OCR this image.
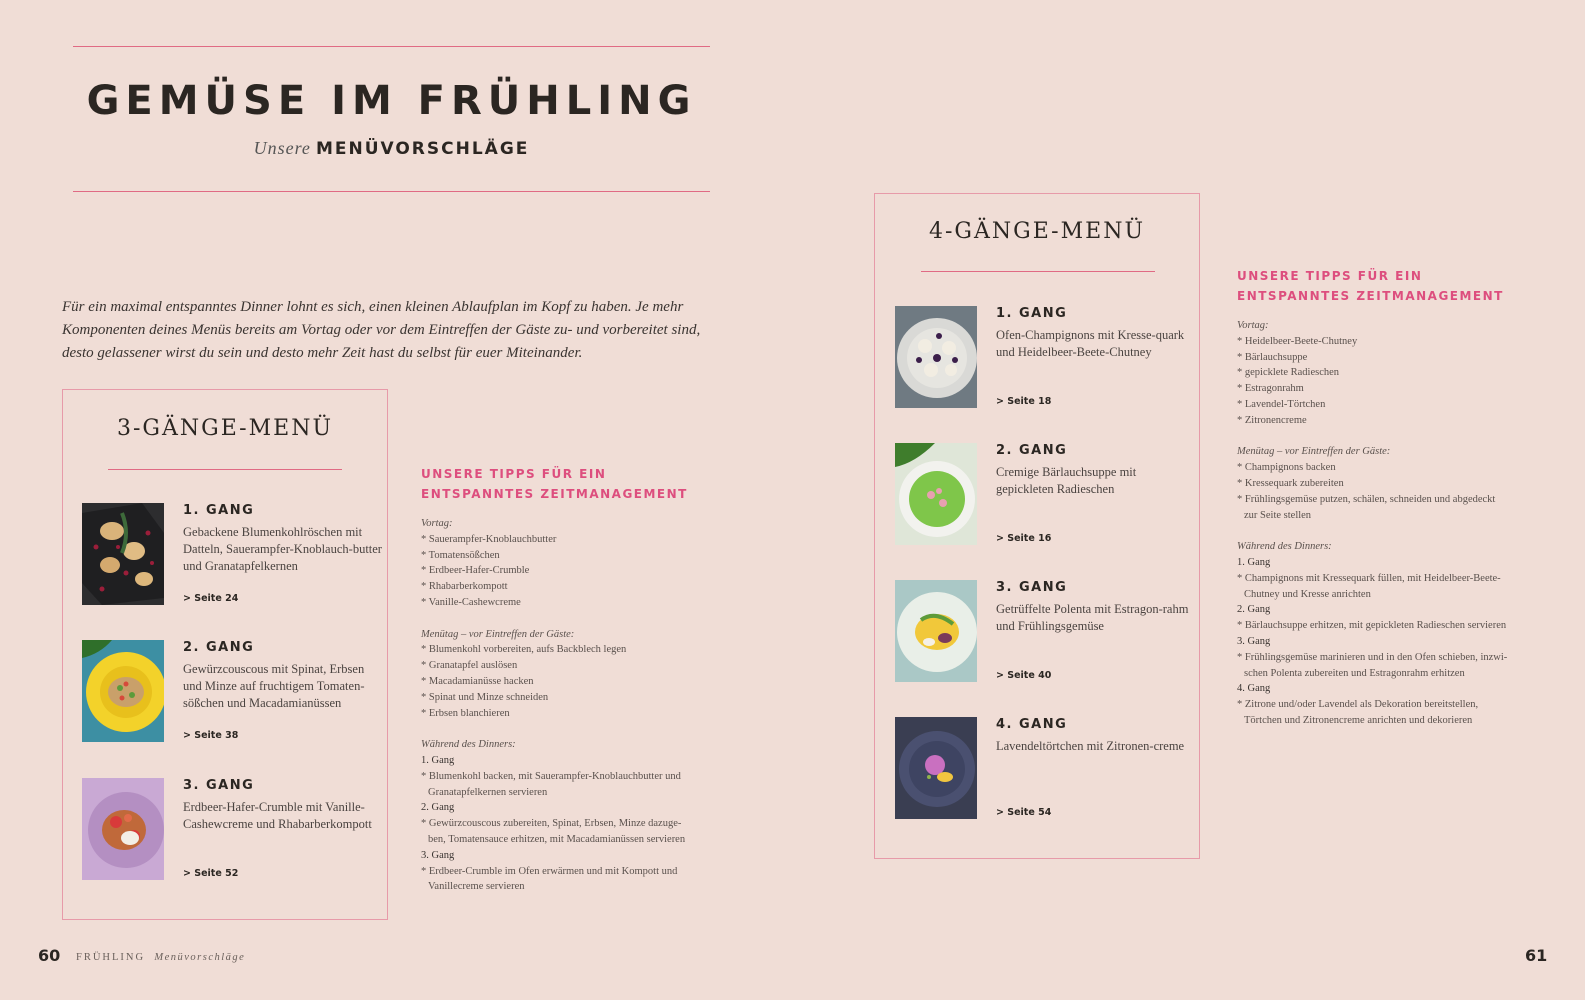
GEMÜSE IM FRÜHLING
Unsere MENÜVORSCHLÄGE
Für ein maximal entspanntes Dinner lohnt es sich, einen kleinen Ablaufplan im Kopf zu haben. Je mehr Komponenten deines Menüs bereits am Vortag oder vor dem Eintreffen der Gäste zu- und vorbereitet sind, desto gelassener wirst du sein und desto mehr Zeit hast du selbst für euer Miteinander.
3-GÄNGE-MENÜ
1. GANG
Gebackene Blumenkohlröschen mit Datteln, Sauerampfer-Knoblauch-butter und Granatapfelkernen
> Seite 24
2. GANG
Gewürzcouscous mit Spinat, Erbsen und Minze auf fruchtigem Tomaten-sößchen und Macadamianüssen
> Seite 38
3. GANG
Erdbeer-Hafer-Crumble mit Vanille-Cashewcreme und Rhabarberkompott
> Seite 52
UNSERE TIPPS FÜR EIN
ENTSPANNTES ZEITMANAGEMENT
Vortag:
* Sauerampfer-Knoblauchbutter
* Tomatensößchen
* Erdbeer-Hafer-Crumble
* Rhabarberkompott
* Vanille-Cashewcreme
Menütag – vor Eintreffen der Gäste:
* Blumenkohl vorbereiten, aufs Backblech legen
* Granatapfel auslösen
* Macadamianüsse hacken
* Spinat und Minze schneiden
* Erbsen blanchieren
Während des Dinners:
1. Gang
* Blumenkohl backen, mit Sauerampfer-Knoblauchbutter und
Granatapfelkernen servieren
2. Gang
* Gewürzcouscous zubereiten, Spinat, Erbsen, Minze dazuge-
ben, Tomatensauce erhitzen, mit Macadamianüssen servieren
3. Gang
* Erdbeer-Crumble im Ofen erwärmen und mit Kompott und
Vanillecreme servieren
4-GÄNGE-MENÜ
1. GANG
Ofen-Champignons mit Kresse-quark und Heidelbeer-Beete-Chutney
> Seite 18
2. GANG
Cremige Bärlauchsuppe mit gepickleten Radieschen
> Seite 16
3. GANG
Getrüffelte Polenta mit Estragon-rahm und Frühlingsgemüse
> Seite 40
4. GANG
Lavendeltörtchen mit Zitronen-creme
> Seite 54
UNSERE TIPPS FÜR EIN
ENTSPANNTES ZEITMANAGEMENT
Vortag:
* Heidelbeer-Beete-Chutney
* Bärlauchsuppe
* gepicklete Radieschen
* Estragonrahm
* Lavendel-Törtchen
* Zitronencreme
Menütag – vor Eintreffen der Gäste:
* Champignons backen
* Kressequark zubereiten
* Frühlingsgemüse putzen, schälen, schneiden und abgedeckt
zur Seite stellen
Während des Dinners:
1. Gang
* Champignons mit Kressequark füllen, mit Heidelbeer-Beete-
Chutney und Kresse anrichten
2. Gang
* Bärlauchsuppe erhitzen, mit gepickleten Radieschen servieren
3. Gang
* Frühlingsgemüse marinieren und in den Ofen schieben, inzwi-
schen Polenta zubereiten und Estragonrahm erhitzen
4. Gang
* Zitrone und/oder Lavendel als Dekoration bereitstellen,
Törtchen und Zitronencreme anrichten und dekorieren
60 FRÜHLING Menüvorschläge	61
